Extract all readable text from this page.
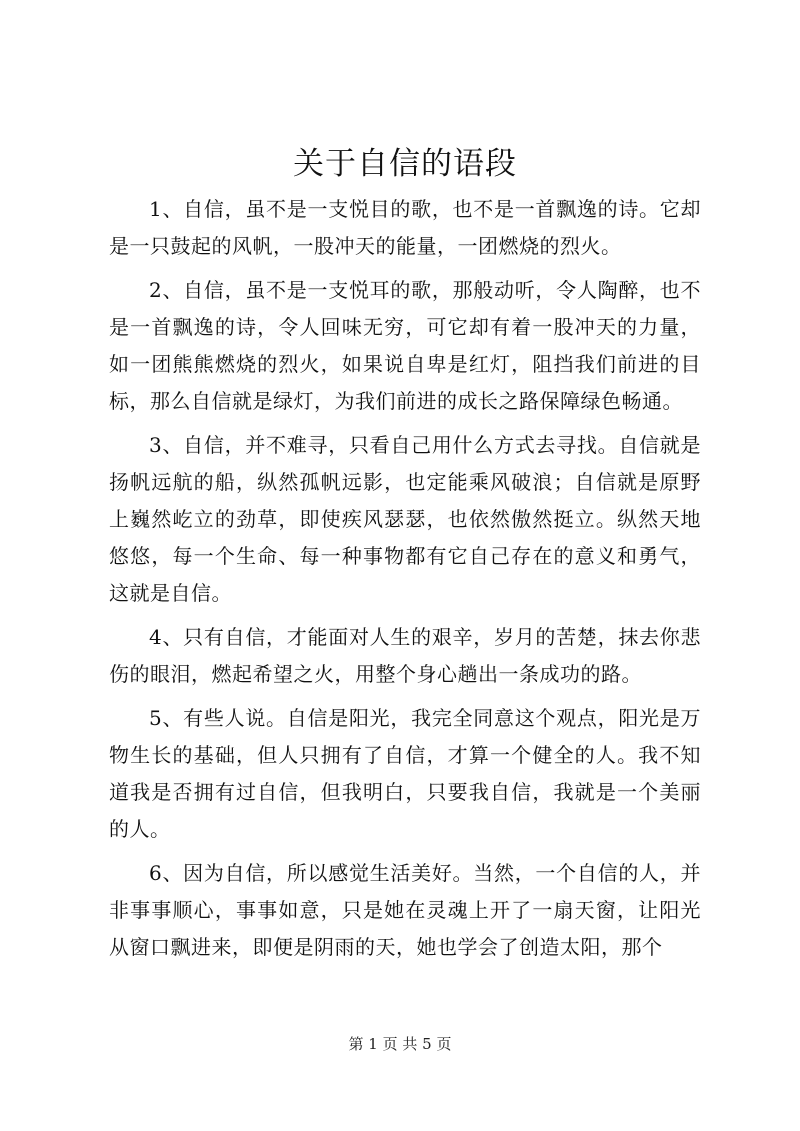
关于自信的语段

1、自信，虽不是一支悦目的歌，也不是一首飘逸的诗。它却是一只鼓起的风帆，一股冲天的能量，一团燃烧的烈火。

2、自信，虽不是一支悦耳的歌，那般动听，令人陶醉，也不是一首飘逸的诗，令人回味无穷，可它却有着一股冲天的力量，如一团熊熊燃烧的烈火，如果说自卑是红灯，阻挡我们前进的目标，那么自信就是绿灯，为我们前进的成长之路保障绿色畅通。

3、自信，并不难寻，只看自己用什么方式去寻找。自信就是扬帆远航的船，纵然孤帆远影，也定能乘风破浪；自信就是原野上巍然屹立的劲草，即使疾风瑟瑟，也依然傲然挺立。纵然天地悠悠，每一个生命、每一种事物都有它自己存在的意义和勇气，这就是自信。

4、只有自信，才能面对人生的艰辛，岁月的苦楚，抹去你悲伤的眼泪，燃起希望之火，用整个身心趟出一条成功的路。

5、有些人说。自信是阳光，我完全同意这个观点，阳光是万物生长的基础，但人只拥有了自信，才算一个健全的人。我不知道我是否拥有过自信，但我明白，只要我自信，我就是一个美丽的人。

6、因为自信，所以感觉生活美好。当然，一个自信的人，并非事事顺心，事事如意，只是她在灵魂上开了一扇天窗，让阳光从窗口飘进来，即便是阴雨的天，她也学会了创造太阳，那个

第 1 页 共 5 页
